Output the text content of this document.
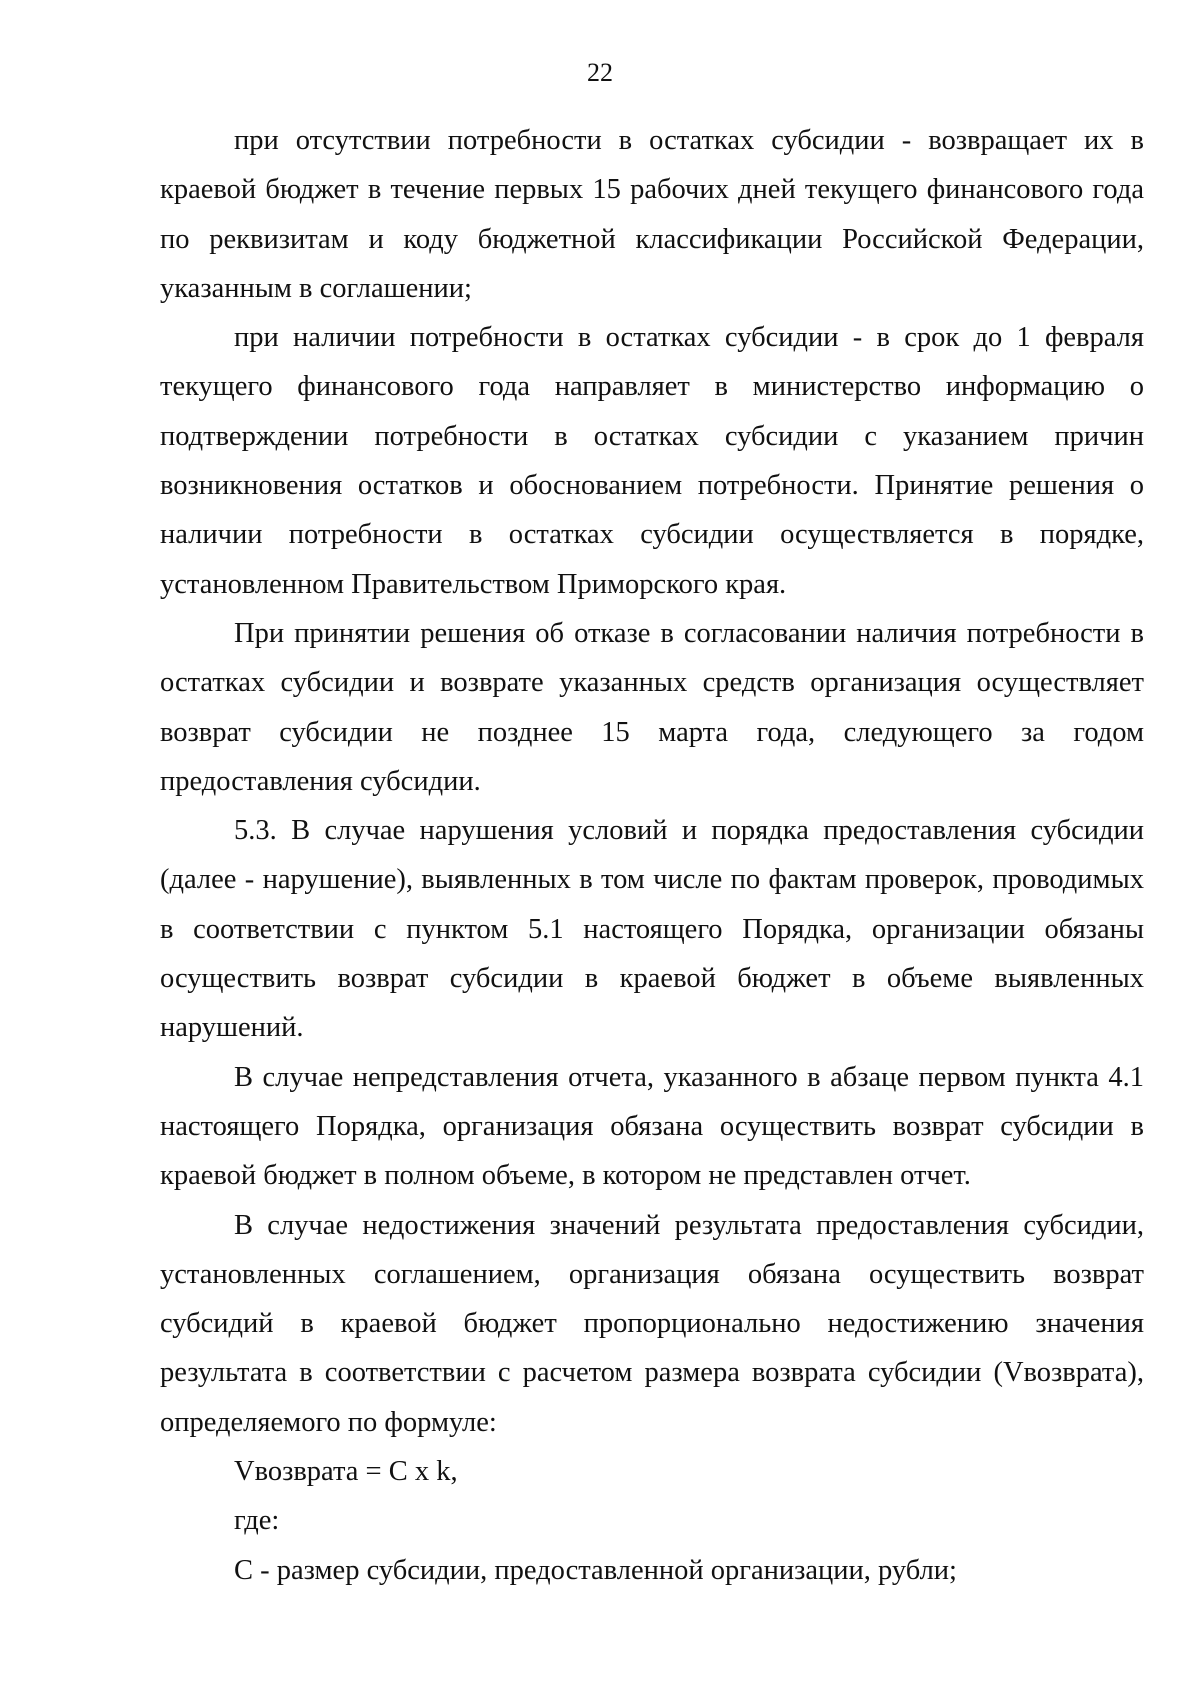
22

при отсутствии потребности в остатках субсидии - возвращает их в краевой бюджет в течение первых 15 рабочих дней текущего финансового года по реквизитам и коду бюджетной классификации Российской Федерации, указанным в соглашении;

при наличии потребности в остатках субсидии - в срок до 1 февраля текущего финансового года направляет в министерство информацию о подтверждении потребности в остатках субсидии с указанием причин возникновения остатков и обоснованием потребности. Принятие решения о наличии потребности в остатках субсидии осуществляется в порядке, установленном Правительством Приморского края.

При принятии решения об отказе в согласовании наличия потребности в остатках субсидии и возврате указанных средств организация осуществляет возврат субсидии не позднее 15 марта года, следующего за годом предоставления субсидии.

5.3. В случае нарушения условий и порядка предоставления субсидии (далее - нарушение), выявленных в том числе по фактам проверок, проводимых в соответствии с пунктом 5.1 настоящего Порядка, организации обязаны осуществить возврат субсидии в краевой бюджет в объеме выявленных нарушений.

В случае непредставления отчета, указанного в абзаце первом пункта 4.1 настоящего Порядка, организация обязана осуществить возврат субсидии в краевой бюджет в полном объеме, в котором не представлен отчет.

В случае недостижения значений результата предоставления субсидии, установленных соглашением, организация обязана осуществить возврат субсидий в краевой бюджет пропорционально недостижению значения результата в соответствии с расчетом размера возврата субсидии (Vвозврата), определяемого по формуле:

Vвозврата = С х k,

где:

С - размер субсидии, предоставленной организации, рубли;
